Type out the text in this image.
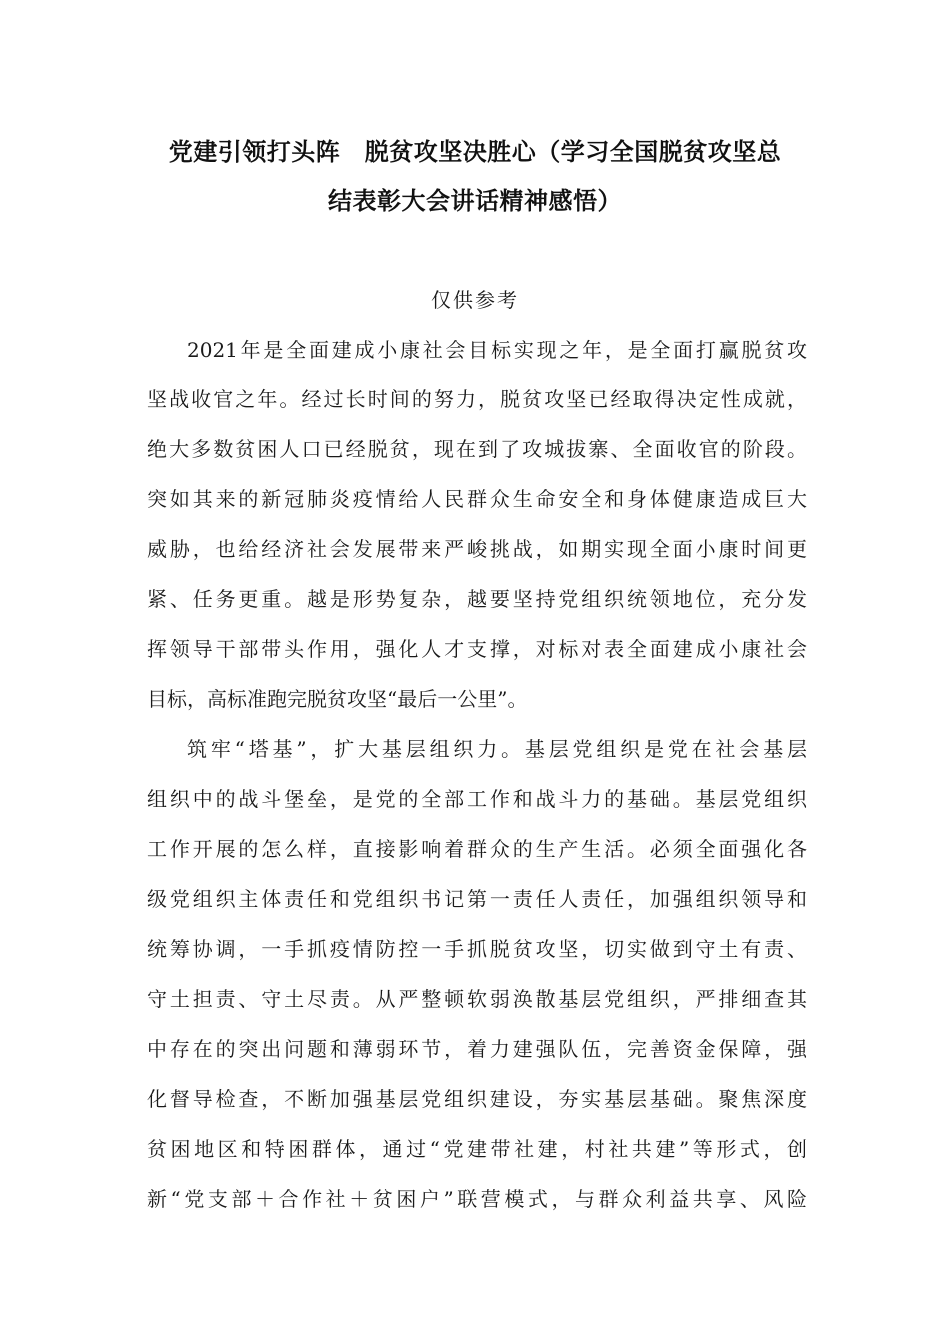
党建引领打头阵　脱贫攻坚决胜心（学习全国脱贫攻坚总
结表彰大会讲话精神感悟）
仅供参考
2021年是全面建成小康社会目标实现之年，是全面打赢脱贫攻
坚战收官之年。经过长时间的努力，脱贫攻坚已经取得决定性成就，
绝大多数贫困人口已经脱贫，现在到了攻城拔寨、全面收官的阶段。
突如其来的新冠肺炎疫情给人民群众生命安全和身体健康造成巨大
威胁，也给经济社会发展带来严峻挑战，如期实现全面小康时间更
紧、任务更重。越是形势复杂，越要坚持党组织统领地位，充分发
挥领导干部带头作用，强化人才支撑，对标对表全面建成小康社会
目标，高标准跑完脱贫攻坚“最后一公里”。
筑牢“塔基”，扩大基层组织力。基层党组织是党在社会基层
组织中的战斗堡垒，是党的全部工作和战斗力的基础。基层党组织
工作开展的怎么样，直接影响着群众的生产生活。必须全面强化各
级党组织主体责任和党组织书记第一责任人责任，加强组织领导和
统筹协调，一手抓疫情防控一手抓脱贫攻坚，切实做到守土有责、
守土担责、守土尽责。从严整顿软弱涣散基层党组织，严排细查其
中存在的突出问题和薄弱环节，着力建强队伍，完善资金保障，强
化督导检查，不断加强基层党组织建设，夯实基层基础。聚焦深度
贫困地区和特困群体，通过“党建带社建，村社共建”等形式，创
新“党支部＋合作社＋贫困户”联营模式，与群众利益共享、风险
